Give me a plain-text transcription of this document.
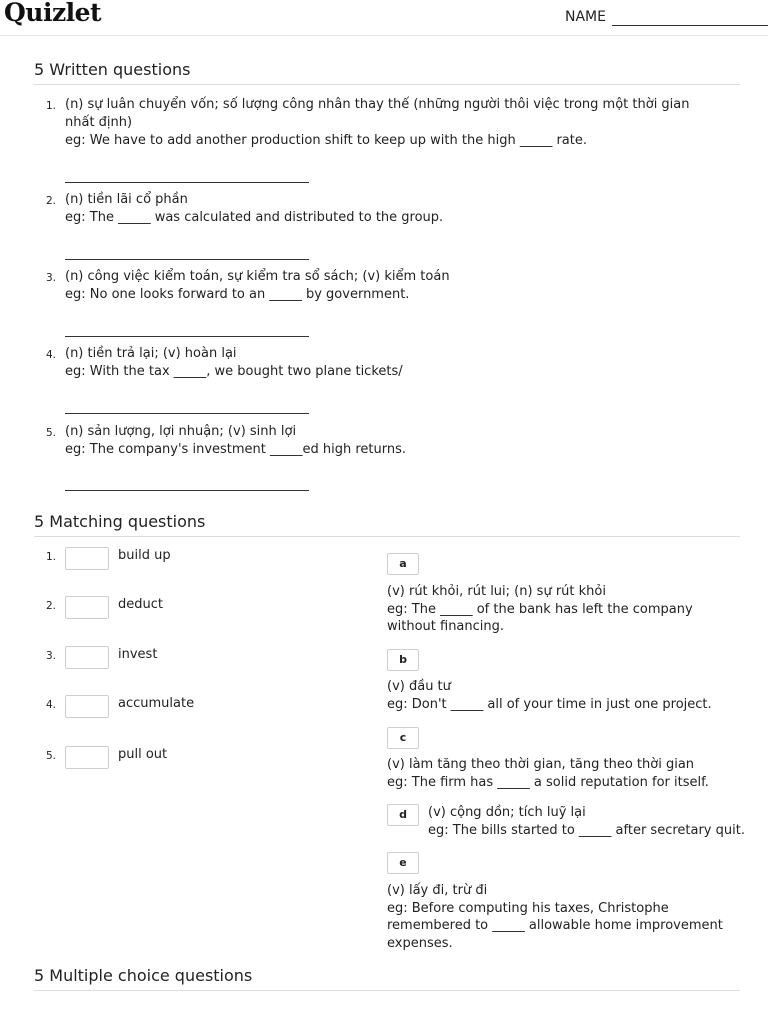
Quizlet	NAME
5 Written questions
1. (n) sự luân chuyển vốn; số lượng công nhân thay thế (những người thôi việc trong một thời gian nhất định)
eg: We have to add another production shift to keep up with the high _____ rate.
2. (n) tiền lãi cổ phần
eg: The _____ was calculated and distributed to the group.
3. (n) công việc kiểm toán, sự kiểm tra sổ sách; (v) kiểm toán
eg: No one looks forward to an _____ by government.
4. (n) tiền trả lại; (v) hoàn lại
eg: With the tax _____, we bought two plane tickets/
5. (n) sản lượng, lợi nhuận; (v) sinh lợi
eg: The company's investment _____ed high returns.
5 Matching questions
1.	build up
2.	deduct
3.	invest
4.	accumulate
5.	pull out
a
(v) rút khỏi, rút lui; (n) sự rút khỏi
eg: The _____ of the bank has left the company without financing.
b
(v) đầu tư
eg: Don't _____ all of your time in just one project.
c
(v) làm tăng theo thời gian, tăng theo thời gian
eg: The firm has _____ a solid reputation for itself.
d	(v) cộng dồn; tích luỹ lại
eg: The bills started to _____ after secretary quit.
e
(v) lấy đi, trừ đi
eg: Before computing his taxes, Christophe remembered to _____ allowable home improvement expenses.
5 Multiple choice questions
